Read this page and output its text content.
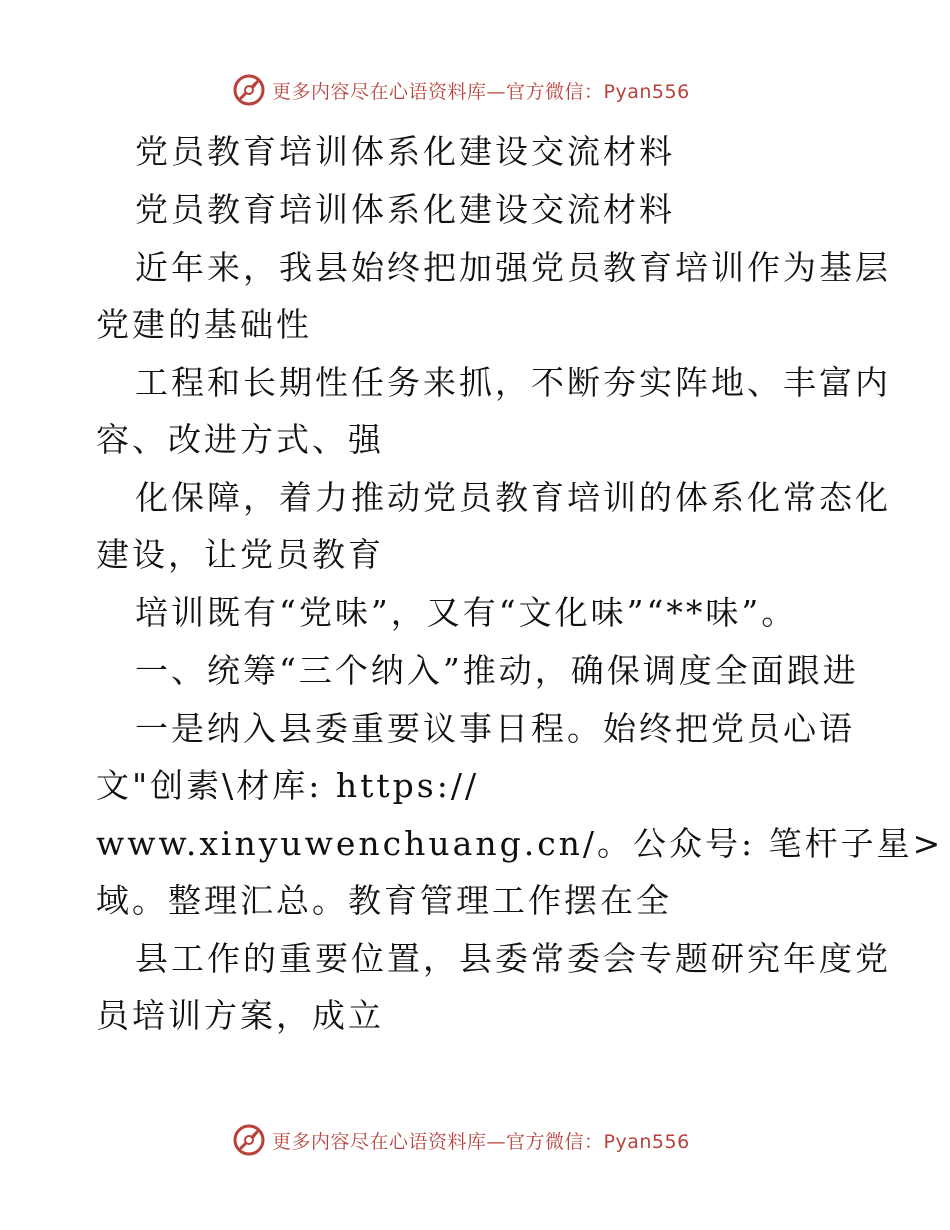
更多内容尽在心语资料库—官方微信：Pyan556
党员教育培训体系化建设交流材料
党员教育培训体系化建设交流材料
近年来，我县始终把加强党员教育培训作为基层
党建的基础性
工程和长期性任务来抓，不断夯实阵地、丰富内
容、改进方式、强
化保障，着力推动党员教育培训的体系化常态化
建设，让党员教育
培训既有“党味”，又有“文化味”“**味”。
一、统筹“三个纳入”推动，确保调度全面跟进
一是纳入县委重要议事日程。始终把党员心语
文"创素\材库: https://
www.xinyuwenchuang.cn/。公众号: 笔杆子星>
域。整理汇总。教育管理工作摆在全
县工作的重要位置，县委常委会专题研究年度党
员培训方案，成立
更多内容尽在心语资料库—官方微信：Pyan556
